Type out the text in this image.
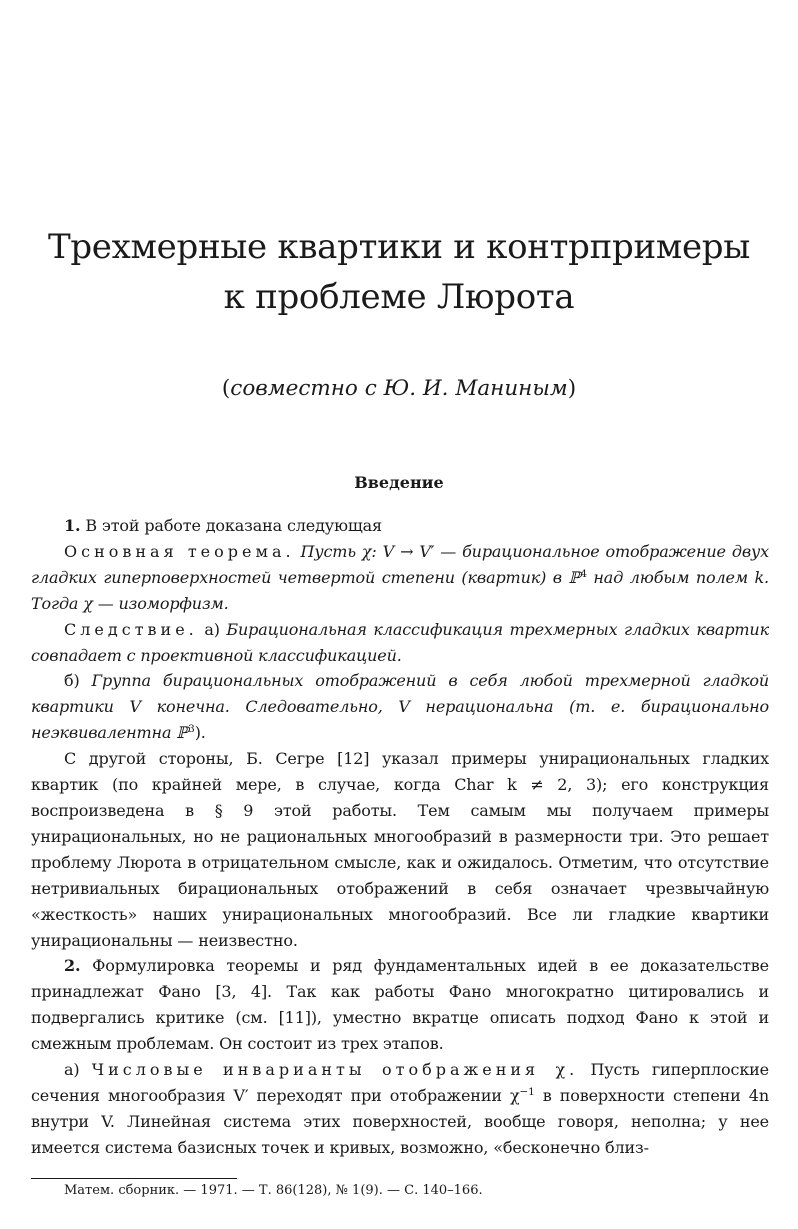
Трехмерные квартики и контрпримеры
к проблеме Люрота
(совместно с Ю. И. Маниным)
Введение

1. В этой работе доказана следующая

Основная теорема. Пусть χ: V → V′ — бирациональное отображение двух гладких гиперповерхностей четвертой степени (квартик) в ℙ$^4$ над любым полем k. Тогда χ — изоморфизм.

Следствие. а) Бирациональная классификация трехмерных гладких квартик совпадает с проективной классификацией.

б) Группа бирациональных отображений в себя любой трехмерной гладкой квартики V конечна. Следовательно, V нерациональна (т. е. бирационально неэквивалентна ℙ$^3$).

С другой стороны, Б. Сегре [12] указал примеры унирациональных гладких квартик (по крайней мере, в случае, когда Char k ≠ 2, 3); его конструкция воспроизведена в § 9 этой работы. Тем самым мы получаем примеры унирациональных, но не рациональных многообразий в размерности три. Это решает проблему Люрота в отрицательном смысле, как и ожидалось. Отметим, что отсутствие нетривиальных бирациональных отображений в себя означает чрезвычайную «жесткость» наших унирациональных многообразий. Все ли гладкие квартики унирациональны — неизвестно.

2. Формулировка теоремы и ряд фундаментальных идей в ее доказательстве принадлежат Фано [3, 4]. Так как работы Фано многократно цитировались и подвергались критике (см. [11]), уместно вкратце описать подход Фано к этой и смежным проблемам. Он состоит из трех этапов.

а) Числовые инварианты отображения χ. Пусть гиперплоские сечения многообразия V′ переходят при отображении $\chi^{-1}$ в поверхности степени 4n внутри V. Линейная система этих поверхностей, вообще говоря, неполна; у нее имеется система базисных точек и кривых, возможно, «бесконечно близ-

Матем. сборник. — 1971. — Т. 86(128), № 1(9). — С. 140–166.
